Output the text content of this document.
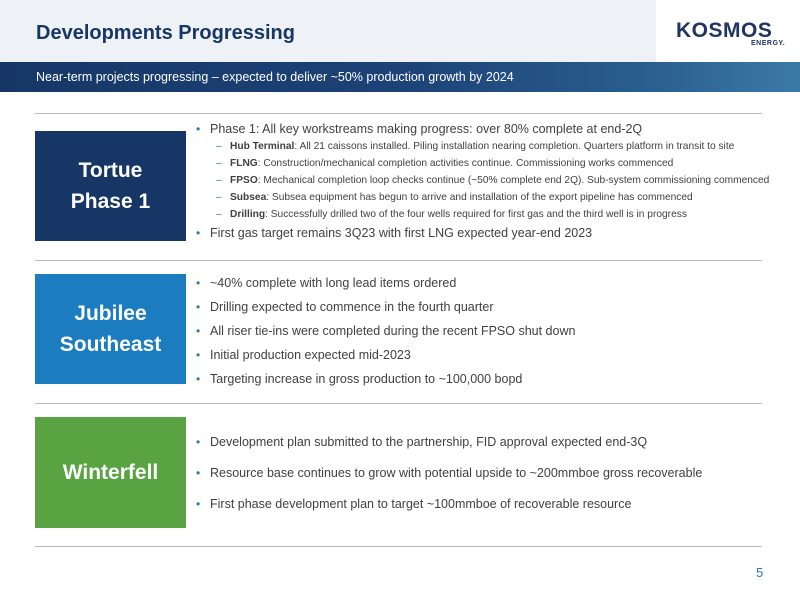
Developments Progressing	KOSMOS
ENERGY.
Near-term projects progressing – expected to deliver ~50% production growth by 2024
Tortue
Phase 1
• Phase 1: All key workstreams making progress: over 80% complete at end-2Q
– Hub Terminal: All 21 caissons installed. Piling installation nearing completion. Quarters platform in transit to site
– FLNG: Construction/mechanical completion activities continue. Commissioning works commenced
– FPSO: Mechanical completion loop checks continue (~50% complete end 2Q). Sub-system commissioning commenced
– Subsea: Subsea equipment has begun to arrive and installation of the export pipeline has commenced
– Drilling: Successfully drilled two of the four wells required for first gas and the third well is in progress
• First gas target remains 3Q23 with first LNG expected year-end 2023
Jubilee
Southeast
• ~40% complete with long lead items ordered
• Drilling expected to commence in the fourth quarter
• All riser tie-ins were completed during the recent FPSO shut down
• Initial production expected mid-2023
• Targeting increase in gross production to ~100,000 bopd
Winterfell
• Development plan submitted to the partnership, FID approval expected end-3Q
• Resource base continues to grow with potential upside to ~200mmboe gross recoverable
• First phase development plan to target ~100mmboe of recoverable resource
5
